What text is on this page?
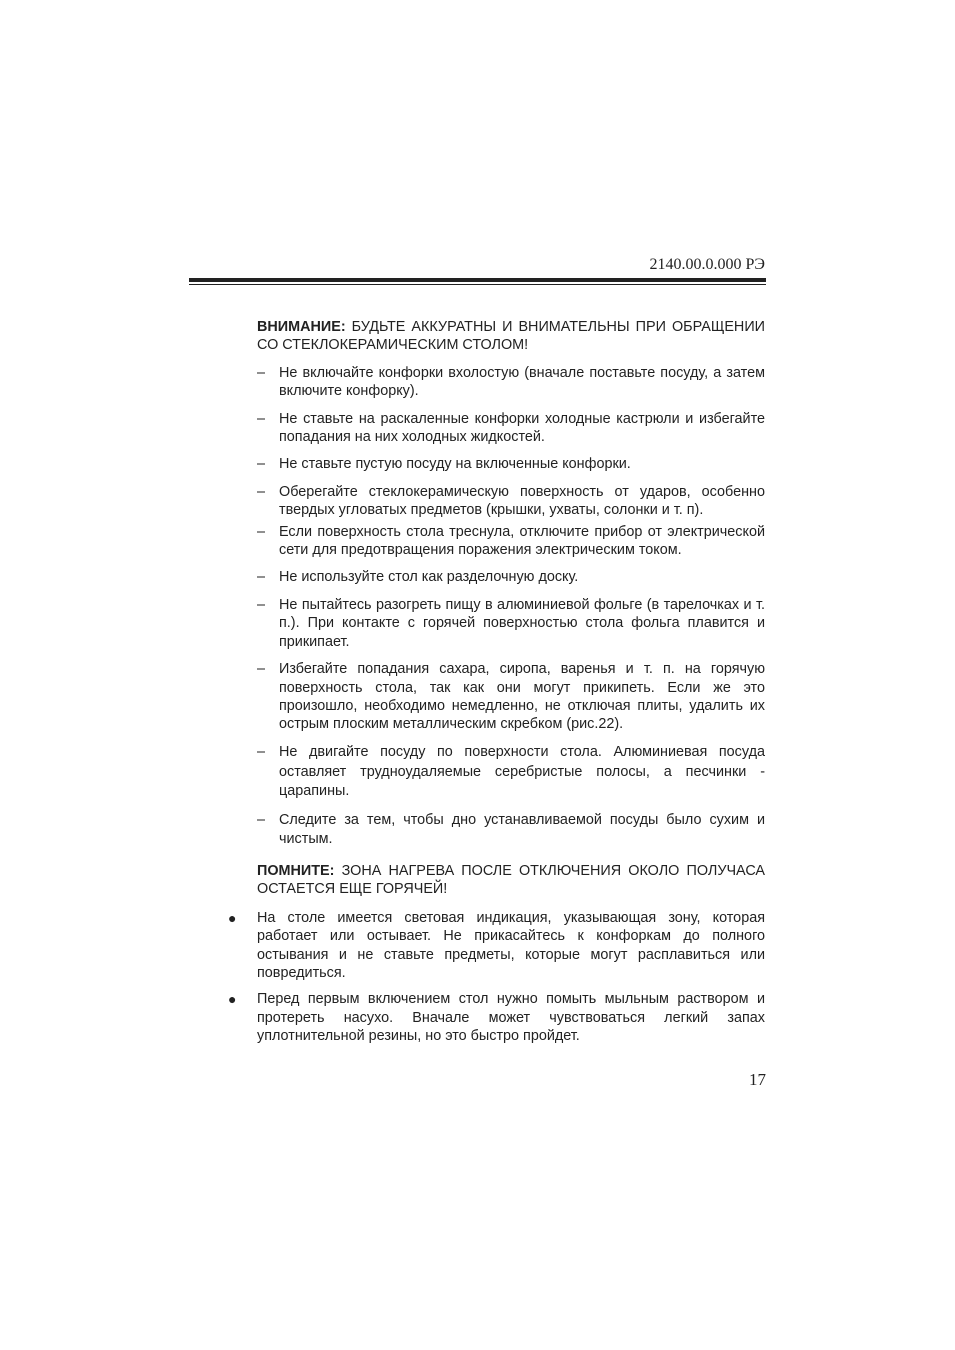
2140.00.0.000 РЭ

ВНИМАНИЕ: БУДЬТЕ АККУРАТНЫ И ВНИМАТЕЛЬНЫ ПРИ ОБРАЩЕНИИ СО СТЕКЛОКЕРАМИЧЕСКИМ СТОЛОМ!

– Не включайте конфорки вхолостую (вначале поставьте посуду, а затем включите конфорку).
– Не ставьте на раскаленные конфорки холодные кастрюли и избегайте попадания на них холодных жидкостей.
– Не ставьте пустую посуду на включенные конфорки.
– Оберегайте стеклокерамическую поверхность от ударов, особенно твердых угловатых предметов (крышки, ухваты, солонки и т. п).
– Если поверхность стола треснула, отключите прибор от электрической сети для предотвращения поражения электрическим током.
– Не используйте стол как разделочную доску.
– Не пытайтесь разогреть пищу в алюминиевой фольге (в тарелочках и т. п.). При контакте с горячей поверхностью стола фольга плавится и прикипает.
– Избегайте попадания сахара, сиропа, варенья и т. п. на горячую поверхность стола, так как они могут прикипеть. Если же это произошло, необходимо немедленно, не отключая плиты, удалить их острым плоским металлическим скребком (рис.22).
– Не двигайте посуду по поверхности стола. Алюминиевая посуда оставляет трудноудаляемые серебристые полосы, а песчинки - царапины.
– Следите за тем, чтобы дно устанавливаемой посуды было сухим и чистым.

ПОМНИТЕ: ЗОНА НАГРЕВА ПОСЛЕ ОТКЛЮЧЕНИЯ ОКОЛО ПОЛУЧАСА ОСТАЕТСЯ ЕЩЕ ГОРЯЧЕЙ!

● На столе имеется световая индикация, указывающая зону, которая работает или остывает. Не прикасайтесь к конфоркам до полного остывания и не ставьте предметы, которые могут расплавиться или повредиться.
● Перед первым включением стол нужно помыть мыльным раствором и протереть насухо. Вначале может чувствоваться легкий запах уплотнительной резины, но это быстро пройдет.
17
